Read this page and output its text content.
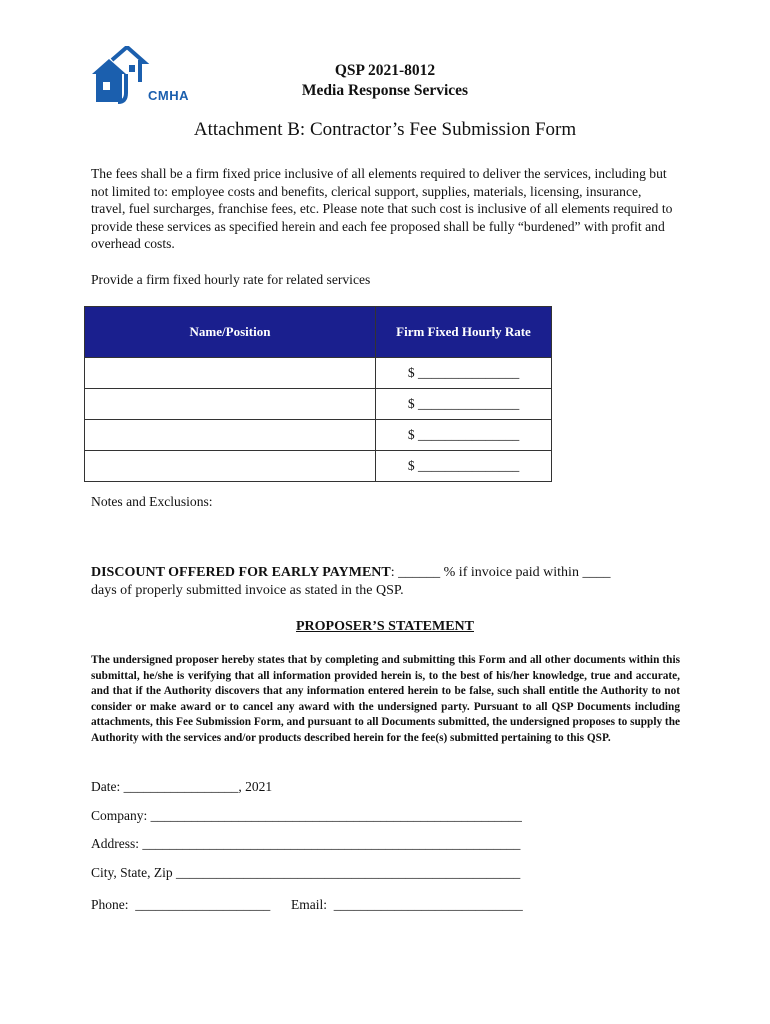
CMHA
QSP 2021-8012
Media Response Services
Attachment B: Contractor’s Fee Submission Form
The fees shall be a firm fixed price inclusive of all elements required to deliver the services, including but not limited to: employee costs and benefits, clerical support, supplies, materials, licensing, insurance, travel, fuel surcharges, franchise fees, etc. Please note that such cost is inclusive of all elements required to provide these services as specified herein and each fee proposed shall be fully “burdened” with profit and overhead costs.
Provide a firm fixed hourly rate for related services
Name/Position	Firm Fixed Hourly Rate
	$ _______________
	$ _______________
	$ _______________
	$ _______________
Notes and Exclusions:
DISCOUNT OFFERED FOR EARLY PAYMENT: ______ % if invoice paid within ____
days of properly submitted invoice as stated in the QSP.
PROPOSER’S STATEMENT
The undersigned proposer hereby states that by completing and submitting this Form and all other documents within this submittal, he/she is verifying that all information provided herein is, to the best of his/her knowledge, true and accurate, and that if the Authority discovers that any information entered herein to be false, such shall entitle the Authority to not consider or make award or to cancel any award with the undersigned party. Pursuant to all QSP Documents including attachments, this Fee Submission Form, and pursuant to all Documents submitted, the undersigned proposes to supply the Authority with the services and/or products described herein for the fee(s) submitted pertaining to this QSP.
Date: _________________, 2021
Company: _______________________________________________________
Address: ________________________________________________________
City, State, Zip ___________________________________________________
Phone:  ____________________ Email:  ____________________________
